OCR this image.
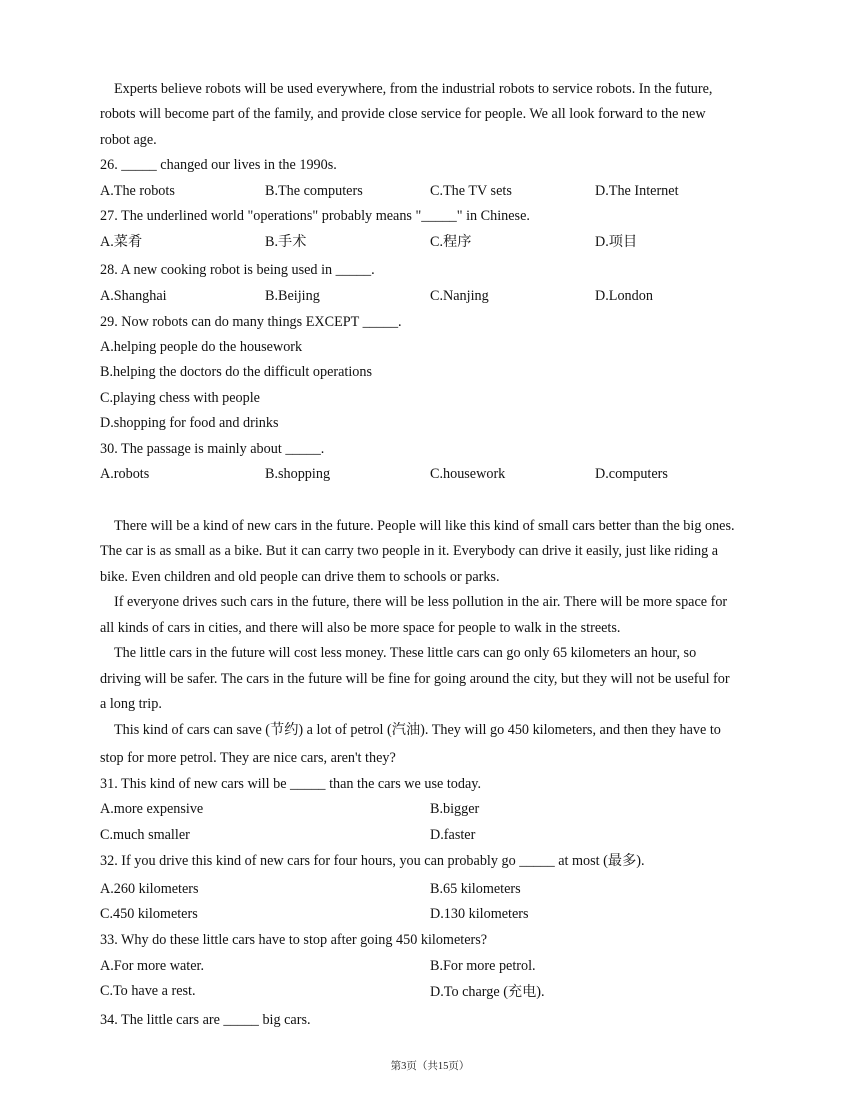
Experts believe robots will be used everywhere, from the industrial robots to service robots. In the future,
robots will become part of the family, and provide close service for people. We all look forward to the new
robot age.
26. _____ changed our lives in the 1990s.
A.The robots	B.The computers	C.The TV sets	D.The Internet
27. The underlined world "operations" probably means "_____" in Chinese.
A.菜肴	B.手术	C.程序	D.项目
28. A new cooking robot is being used in _____.
A.Shanghai	B.Beijing	C.Nanjing	D.London
29. Now robots can do many things EXCEPT _____.
A.helping people do the housework
B.helping the doctors do the difficult operations
C.playing chess with people
D.shopping for food and drinks
30. The passage is mainly about _____.
A.robots	B.shopping	C.housework	D.computers
There will be a kind of new cars in the future. People will like this kind of small cars better than the big ones.
The car is as small as a bike. But it can carry two people in it. Everybody can drive it easily, just like riding a
bike. Even children and old people can drive them to schools or parks.
If everyone drives such cars in the future, there will be less pollution in the air. There will be more space for
all kinds of cars in cities, and there will also be more space for people to walk in the streets.
The little cars in the future will cost less money. These little cars can go only 65 kilometers an hour, so
driving will be safer. The cars in the future will be fine for going around the city, but they will not be useful for
a long trip.
This kind of cars can save (节约) a lot of petrol (汽油). They will go 450 kilometers, and then they have to
stop for more petrol. They are nice cars, aren't they?
31. This kind of new cars will be _____ than the cars we use today.
A.more expensive	B.bigger
C.much smaller	D.faster
32. If you drive this kind of new cars for four hours, you can probably go _____ at most (最多).
A.260 kilometers	B.65 kilometers
C.450 kilometers	D.130 kilometers
33. Why do these little cars have to stop after going 450 kilometers?
A.For more water.	B.For more petrol.
C.To have a rest.	D.To charge (充电).
34. The little cars are _____ big cars.
第3页（共15页）
